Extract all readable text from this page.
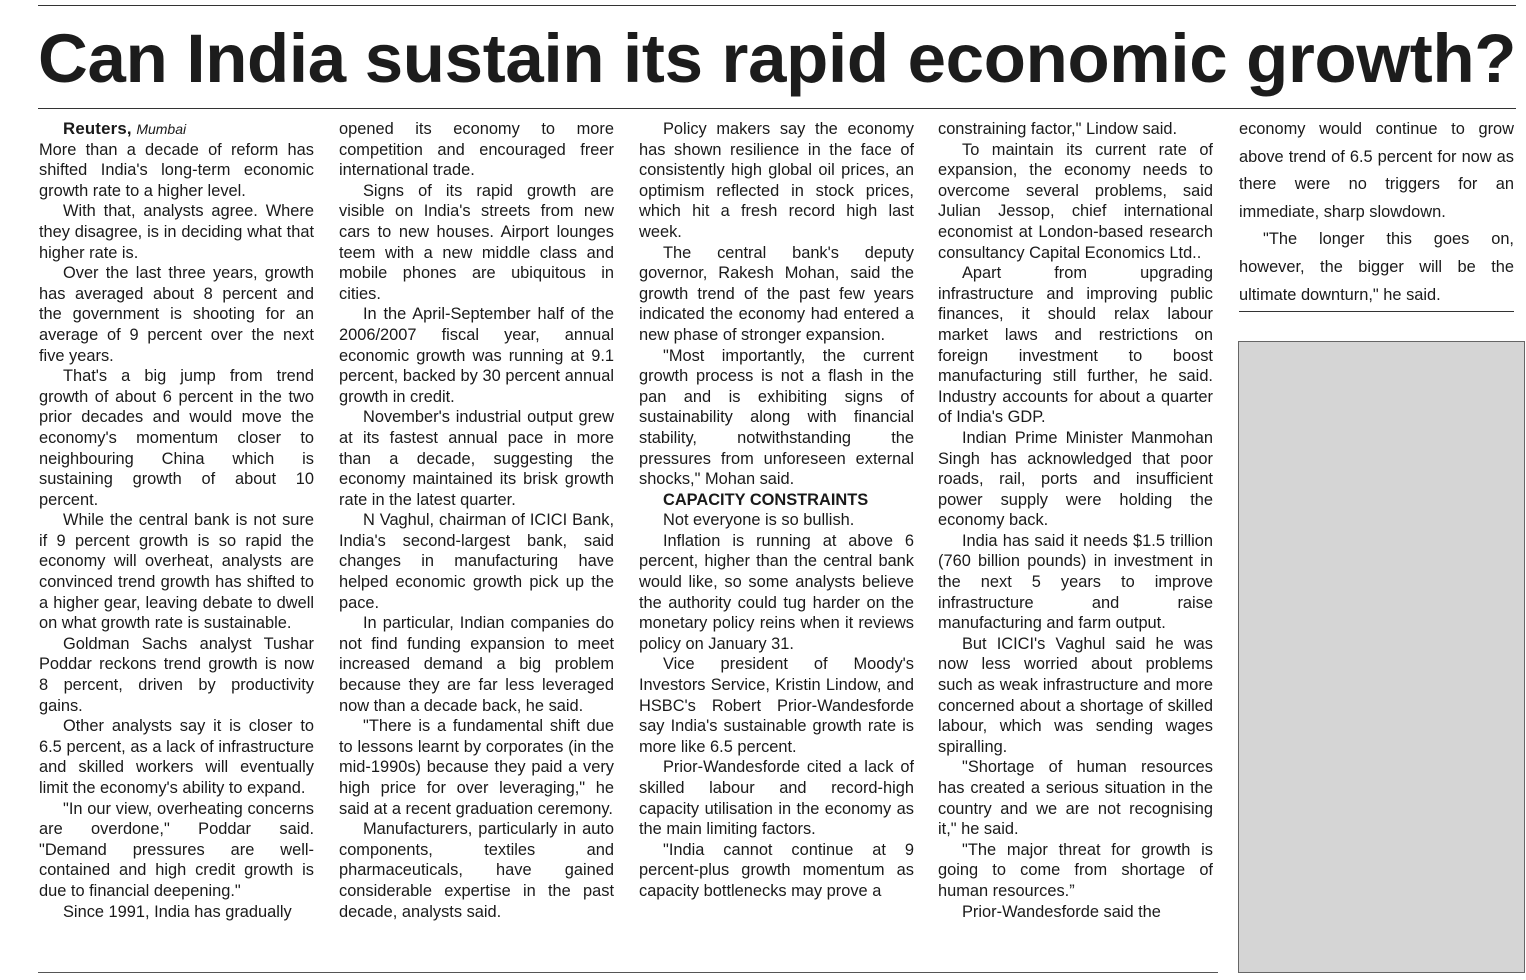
Can India sustain its rapid economic growth?

Reuters, Mumbai

More than a decade of reform has shifted India's long-term economic growth rate to a higher level.

With that, analysts agree. Where they disagree, is in deciding what that higher rate is.

Over the last three years, growth has averaged about 8 percent and the government is shooting for an average of 9 percent over the next five years.

That's a big jump from trend growth of about 6 percent in the two prior decades and would move the economy's momentum closer to neighbouring China which is sustaining growth of about 10 percent.

While the central bank is not sure if 9 percent growth is so rapid the economy will overheat, analysts are convinced trend growth has shifted to a higher gear, leaving debate to dwell on what growth rate is sustainable.

Goldman Sachs analyst Tushar Poddar reckons trend growth is now 8 percent, driven by productivity gains.

Other analysts say it is closer to 6.5 percent, as a lack of infrastructure and skilled workers will eventually limit the economy's ability to expand.

"In our view, overheating concerns are overdone," Poddar said. "Demand pressures are well-contained and high credit growth is due to financial deepening."

Since 1991, India has gradually

opened its economy to more competition and encouraged freer international trade.

Signs of its rapid growth are visible on India's streets from new cars to new houses. Airport lounges teem with a new middle class and mobile phones are ubiquitous in cities.

In the April-September half of the 2006/2007 fiscal year, annual economic growth was running at 9.1 percent, backed by 30 percent annual growth in credit.

November's industrial output grew at its fastest annual pace in more than a decade, suggesting the economy maintained its brisk growth rate in the latest quarter.

N Vaghul, chairman of ICICI Bank, India's second-largest bank, said changes in manufacturing have helped economic growth pick up the pace.

In particular, Indian companies do not find funding expansion to meet increased demand a big problem because they are far less leveraged now than a decade back, he said.

"There is a fundamental shift due to lessons learnt by corporates (in the mid-1990s) because they paid a very high price for over leveraging," he said at a recent graduation ceremony.

Manufacturers, particularly in auto components, textiles and pharmaceuticals, have gained considerable expertise in the past decade, analysts said.

Policy makers say the economy has shown resilience in the face of consistently high global oil prices, an optimism reflected in stock prices, which hit a fresh record high last week.

The central bank's deputy governor, Rakesh Mohan, said the growth trend of the past few years indicated the economy had entered a new phase of stronger expansion.

"Most importantly, the current growth process is not a flash in the pan and is exhibiting signs of sustainability along with financial stability, notwithstanding the pressures from unforeseen external shocks," Mohan said.

CAPACITY CONSTRAINTS

Not everyone is so bullish.

Inflation is running at above 6 percent, higher than the central bank would like, so some analysts believe the authority could tug harder on the monetary policy reins when it reviews policy on January 31.

Vice president of Moody's Investors Service, Kristin Lindow, and HSBC's Robert Prior-Wandesforde say India's sustainable growth rate is more like 6.5 percent.

Prior-Wandesforde cited a lack of skilled labour and record-high capacity utilisation in the economy as the main limiting factors.

"India cannot continue at 9 percent-plus growth momentum as capacity bottlenecks may prove a

constraining factor," Lindow said.

To maintain its current rate of expansion, the economy needs to overcome several problems, said Julian Jessop, chief international economist at London-based research consultancy Capital Economics Ltd..

Apart from upgrading infrastructure and improving public finances, it should relax labour market laws and restrictions on foreign investment to boost manufacturing still further, he said. Industry accounts for about a quarter of India's GDP.

Indian Prime Minister Manmohan Singh has acknowledged that poor roads, rail, ports and insufficient power supply were holding the economy back.

India has said it needs $1.5 trillion (760 billion pounds) in investment in the next 5 years to improve infrastructure and raise manufacturing and farm output.

But ICICI's Vaghul said he was now less worried about problems such as weak infrastructure and more concerned about a shortage of skilled labour, which was sending wages spiralling.

"Shortage of human resources has created a serious situation in the country and we are not recognising it," he said.

"The major threat for growth is going to come from shortage of human resources.”

Prior-Wandesforde said the

economy would continue to grow above trend of 6.5 percent for now as there were no triggers for an immediate, sharp slowdown.

"The longer this goes on, however, the bigger will be the ultimate downturn," he said.
